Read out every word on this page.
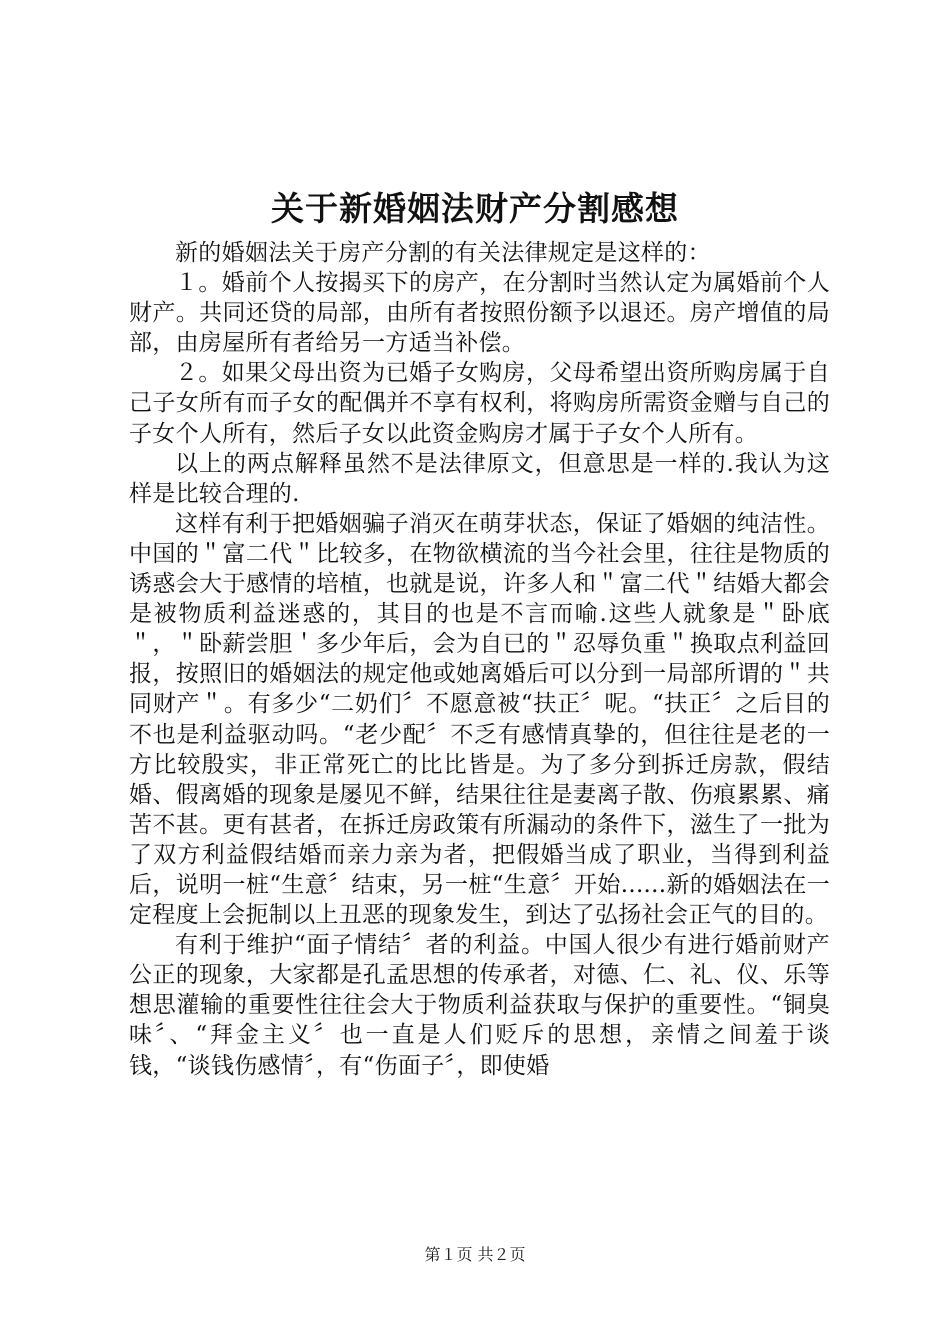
关于新婚姻法财产分割感想

新的婚姻法关于房产分割的有关法律规定是这样的：

１。婚前个人按揭买下的房产，在分割时当然认定为属婚前个人财产。共同还贷的局部，由所有者按照份额予以退还。房产增值的局部，由房屋所有者给另一方适当补偿。

２。如果父母出资为已婚子女购房，父母希望出资所购房属于自己子女所有而子女的配偶并不享有权利，将购房所需资金赠与自己的子女个人所有，然后子女以此资金购房才属于子女个人所有。

以上的两点解释虽然不是法律原文，但意思是一样的.我认为这样是比较合理的.

这样有利于把婚姻骗子消灭在萌芽状态，保证了婚姻的纯洁性。中国的＂富二代＂比较多，在物欲横流的当今社会里，往往是物质的诱惑会大于感情的培植，也就是说，许多人和＂富二代＂结婚大都会是被物质利益迷惑的，其目的也是不言而喻.这些人就象是＂卧底＂，＂卧薪尝胆＇多少年后，会为自已的＂忍辱负重＂换取点利益回报，按照旧的婚姻法的规定他或她离婚后可以分到一局部所谓的＂共同财产＂。有多少“二奶们〞不愿意被“扶正〞呢。“扶正〞之后目的不也是利益驱动吗。“老少配〞不乏有感情真挚的，但往往是老的一方比较殷实，非正常死亡的比比皆是。为了多分到拆迁房款，假结婚、假离婚的现象是屡见不鲜，结果往往是妻离子散、伤痕累累、痛苦不甚。更有甚者，在拆迁房政策有所漏动的条件下，滋生了一批为了双方利益假结婚而亲力亲为者，把假婚当成了职业，当得到利益后，说明一桩“生意〞结束，另一桩“生意〞开始......新的婚姻法在一定程度上会扼制以上丑恶的现象发生，到达了弘扬社会正气的目的。

有利于维护“面子情结〞者的利益。中国人很少有进行婚前财产公正的现象，大家都是孔孟思想的传承者，对德、仁、礼、仪、乐等想思灌输的重要性往往会大于物质利益获取与保护的重要性。“铜臭味〞、“拜金主义〞也一直是人们贬斥的思想，亲情之间羞于谈钱，“谈钱伤感情〞，有“伤面子〞，即使婚

第１页 共２页
